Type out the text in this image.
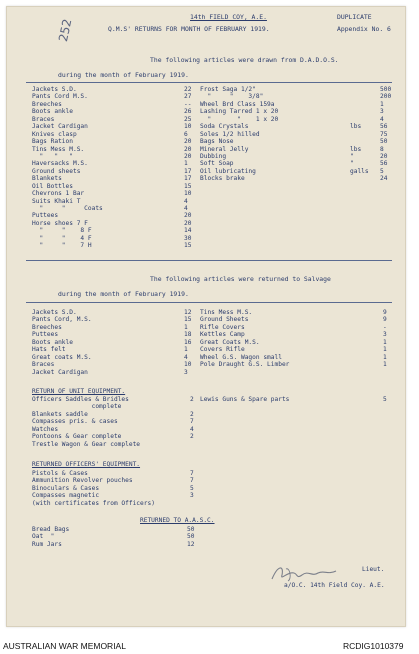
14th FIELD COY, A.E.	DUPLICATE
Q.M.S' RETURNS FOR MONTH OF FEBRUARY 1919.	Appendix No. 6
252
The following articles were drawn from D.A.D.O.S.
during the month of February 1919.
Jackets S.D.	22
Pants Cord M.S.	27
Breeches	--
Boots ankle	26
Braces	25
Jacket Cardigan	10
Knives clasp	6
Bags Ration	20
Tins Mess M.S.	20
"   "   "	20
Haversacks M.S.	1
Ground sheets	17
Blankets	17
Oil Bottles	15
Chevrons 1 Bar	10
Suits Khaki T	4
"     "     Coats	4
Puttees	20
Horse shoes 7 F	20
"     "    8 F	14
"     "    4 F	30
"     "    7 H	15
Frost Saga 1/2"	500
"     "    3/8"	200
Wheel Brd Class 159a	1
Lashing Tarred 1 x 20	3
"       "    1 x 20	4
Soda Crystals	lbs	56
Soles 1/2 hilled	75
Bags Nose	50
Mineral Jelly	lbs	8
Dubbing	"	20
Soft Soap	"	56
Oil lubricating	galls 5
Blocks brake	24
The following articles were returned to Salvage
during the month of February 1919.
Jackets S.D.	12
Pants Cord, M.S.	15
Breeches	1
Puttees	18
Boots ankle	16
Hats felt	1
Great coats M.S.	4
Braces	10
Jacket Cardigan	3
Tins Mess M.S.	9
Ground Sheets	9
Rifle Covers	-
Kettles Camp	3
Great Coats M.S.	1
Covers Rifle	1
Wheel G.S. Wagon small	1
Pole Draught G.S. Limber	1
RETURN OF UNIT EQUIPMENT.
Officers Saddles & Bridles	2
complete
Blankets saddle	2
Compasses pris. & cases	7
Watches	4
Pontoons & Gear complete	2
Trestle Wagon & Gear complete
Lewis Guns & Spare parts	5
RETURNED OFFICERS' EQUIPMENT.
Pistols & Cases	7
Ammunition Revolver pouches	7
Binoculars & Cases	5
Compasses magnetic	3
(with certificates from Officers)
RETURNED TO A.A.S.C.
Bread Bags	50
Oat  "	50
Rum Jars	12
Lieut.
a/O.C. 14th Field Coy. A.E.
AUSTRALIAN WAR MEMORIAL	RCDIG1010379
